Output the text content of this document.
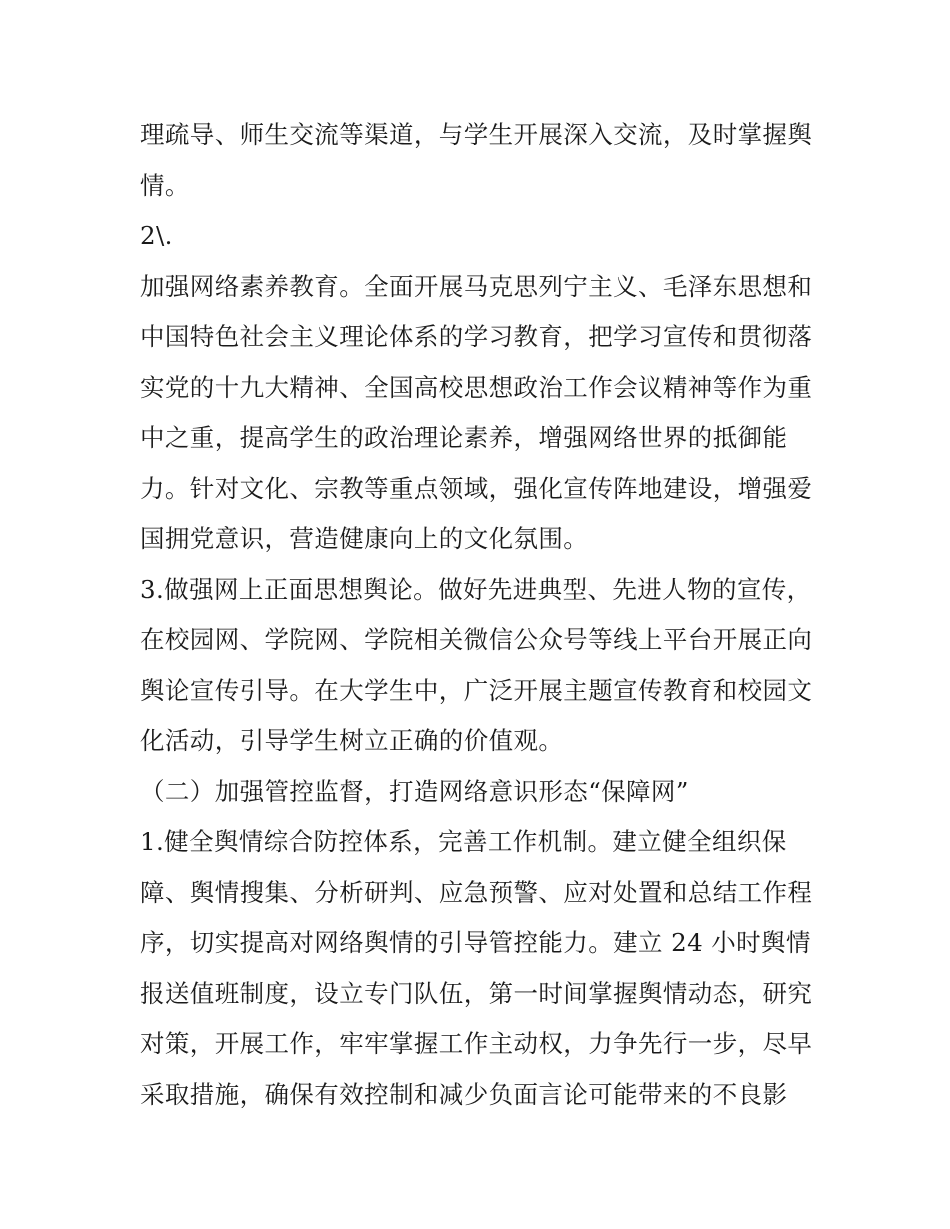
理疏导、师生交流等渠道，与学生开展深入交流，及时掌握舆
情。
2\.
加强网络素养教育。全面开展马克思列宁主义、毛泽东思想和
中国特色社会主义理论体系的学习教育，把学习宣传和贯彻落
实党的十九大精神、全国高校思想政治工作会议精神等作为重
中之重，提高学生的政治理论素养，增强网络世界的抵御能
力。针对文化、宗教等重点领域，强化宣传阵地建设，增强爱
国拥党意识，营造健康向上的文化氛围。
3.做强网上正面思想舆论。做好先进典型、先进人物的宣传，
在校园网、学院网、学院相关微信公众号等线上平台开展正向
舆论宣传引导。在大学生中，广泛开展主题宣传教育和校园文
化活动，引导学生树立正确的价值观。
（二）加强管控监督，打造网络意识形态“保障网”
1.健全舆情综合防控体系，完善工作机制。建立健全组织保
障、舆情搜集、分析研判、应急预警、应对处置和总结工作程
序，切实提高对网络舆情的引导管控能力。建立 24 小时舆情
报送值班制度，设立专门队伍，第一时间掌握舆情动态，研究
对策，开展工作，牢牢掌握工作主动权，力争先行一步，尽早
采取措施，确保有效控制和减少负面言论可能带来的不良影
